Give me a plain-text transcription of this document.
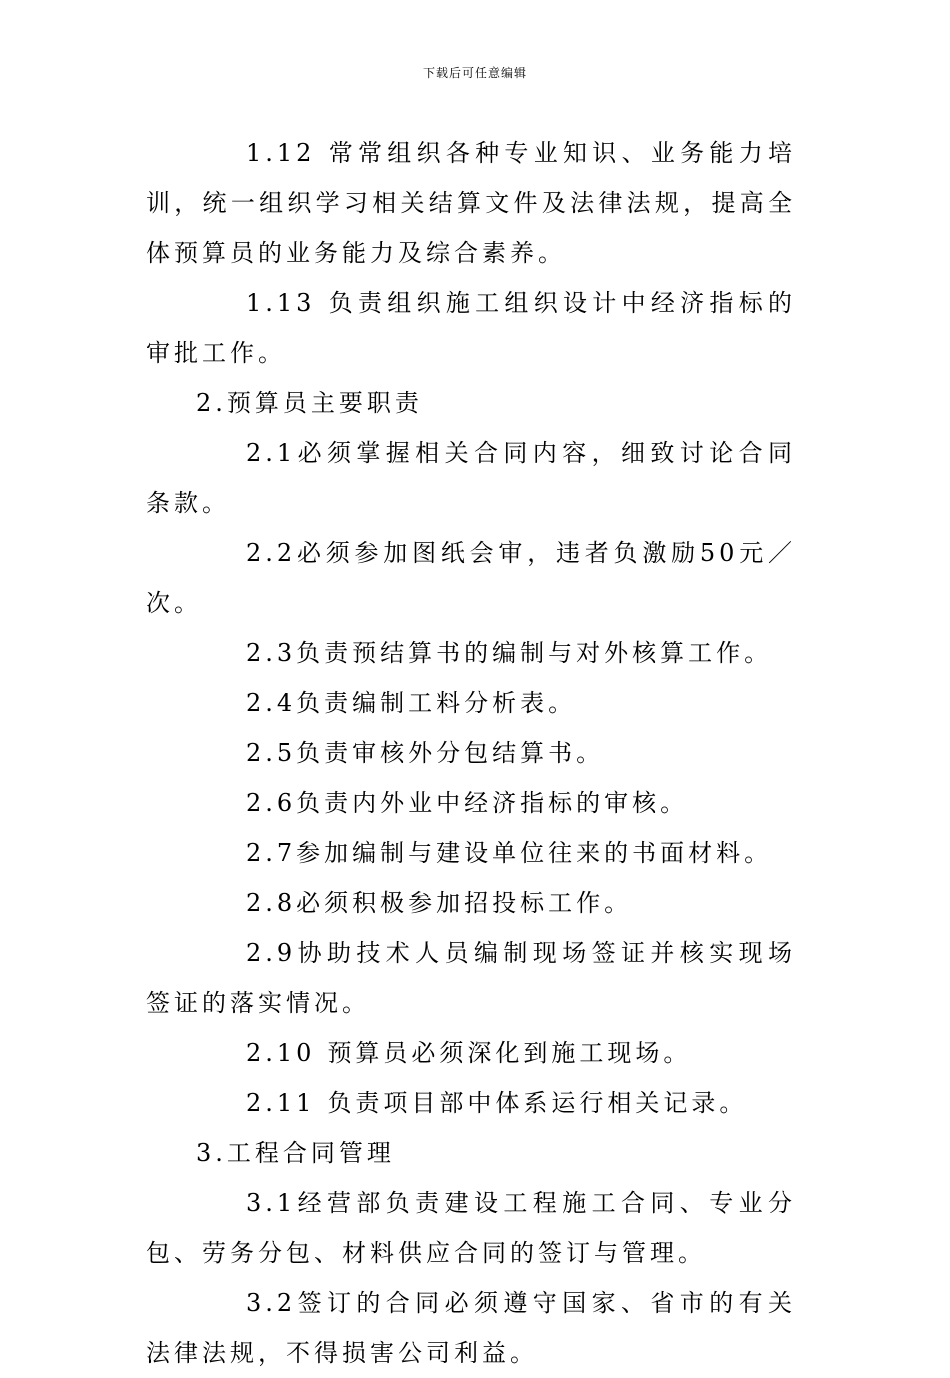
下载后可任意编辑

1.12 常常组织各种专业知识、业务能力培训，统一组织学习相关结算文件及法律法规，提高全体预算员的业务能力及综合素养。

1.13 负责组织施工组织设计中经济指标的审批工作。

2.预算员主要职责

2.1必须掌握相关合同内容，细致讨论合同条款。

2.2必须参加图纸会审，违者负激励50元／次。

2.3负责预结算书的编制与对外核算工作。

2.4负责编制工料分析表。

2.5负责审核外分包结算书。

2.6负责内外业中经济指标的审核。

2.7参加编制与建设单位往来的书面材料。

2.8必须积极参加招投标工作。

2.9协助技术人员编制现场签证并核实现场签证的落实情况。

2.10 预算员必须深化到施工现场。

2.11 负责项目部中体系运行相关记录。

3.工程合同管理

3.1经营部负责建设工程施工合同、专业分包、劳务分包、材料供应合同的签订与管理。

3.2签订的合同必须遵守国家、省市的有关法律法规，不得损害公司利益。
